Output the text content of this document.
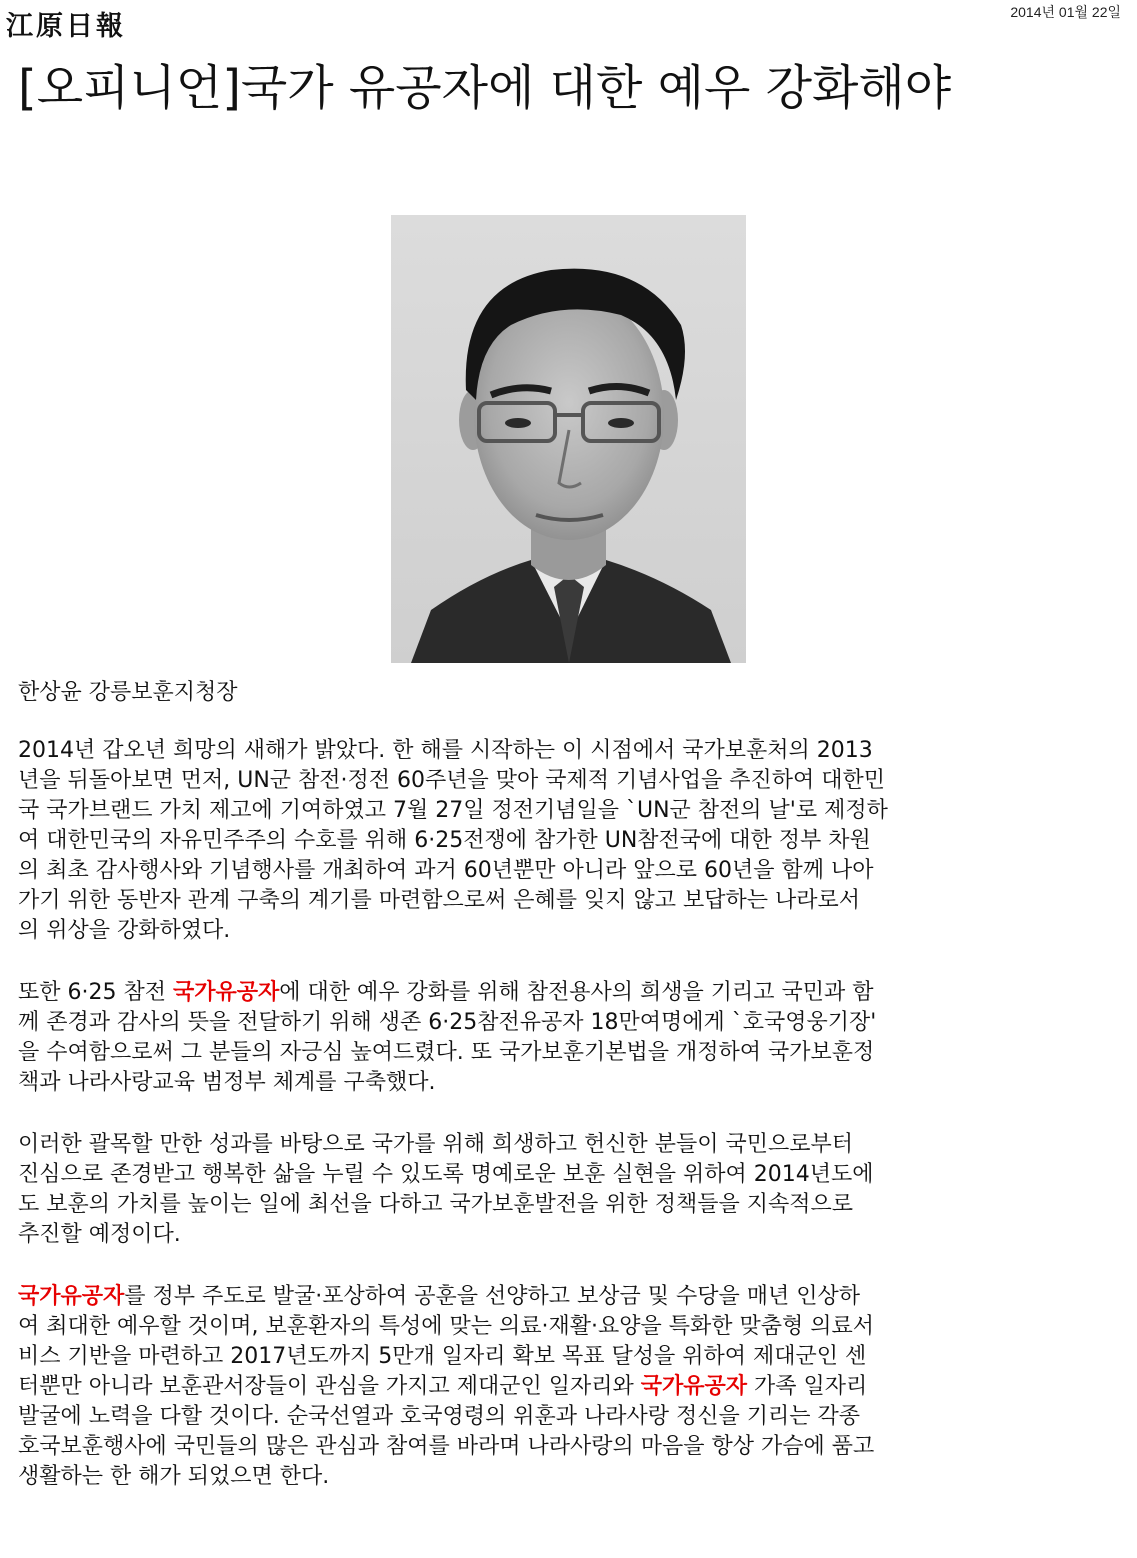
江原日報	2014년 01월 22일
[오피니언]국가 유공자에 대한 예우 강화해야
한상윤 강릉보훈지청장

2014년 갑오년 희망의 새해가 밝았다. 한 해를 시작하는 이 시점에서 국가보훈처의 2013
년을 뒤돌아보면 먼저, UN군 참전·정전 60주년을 맞아 국제적 기념사업을 추진하여 대한민
국 국가브랜드 가치 제고에 기여하였고 7월 27일 정전기념일을 `UN군 참전의 날'로 제정하
여 대한민국의 자유민주주의 수호를 위해 6·25전쟁에 참가한 UN참전국에 대한 정부 차원
의 최초 감사행사와 기념행사를 개최하여 과거 60년뿐만 아니라 앞으로 60년을 함께 나아
가기 위한 동반자 관계 구축의 계기를 마련함으로써 은혜를 잊지 않고 보답하는 나라로서
의 위상을 강화하였다.

또한 6·25 참전 국가유공자에 대한 예우 강화를 위해 참전용사의 희생을 기리고 국민과 함
께 존경과 감사의 뜻을 전달하기 위해 생존 6·25참전유공자 18만여명에게 `호국영웅기장'
을 수여함으로써 그 분들의 자긍심 높여드렸다. 또 국가보훈기본법을 개정하여 국가보훈정
책과 나라사랑교육 범정부 체계를 구축했다.

이러한 괄목할 만한 성과를 바탕으로 국가를 위해 희생하고 헌신한 분들이 국민으로부터
진심으로 존경받고 행복한 삶을 누릴 수 있도록 명예로운 보훈 실현을 위하여 2014년도에
도 보훈의 가치를 높이는 일에 최선을 다하고 국가보훈발전을 위한 정책들을 지속적으로
추진할 예정이다.

국가유공자를 정부 주도로 발굴·포상하여 공훈을 선양하고 보상금 및 수당을 매년 인상하
여 최대한 예우할 것이며, 보훈환자의 특성에 맞는 의료·재활·요양을 특화한 맞춤형 의료서
비스 기반을 마련하고 2017년도까지 5만개 일자리 확보 목표 달성을 위하여 제대군인 센
터뿐만 아니라 보훈관서장들이 관심을 가지고 제대군인 일자리와 국가유공자 가족 일자리
발굴에 노력을 다할 것이다. 순국선열과 호국영령의 위훈과 나라사랑 정신을 기리는 각종
호국보훈행사에 국민들의 많은 관심과 참여를 바라며 나라사랑의 마음을 항상 가슴에 품고
생활하는 한 해가 되었으면 한다.
